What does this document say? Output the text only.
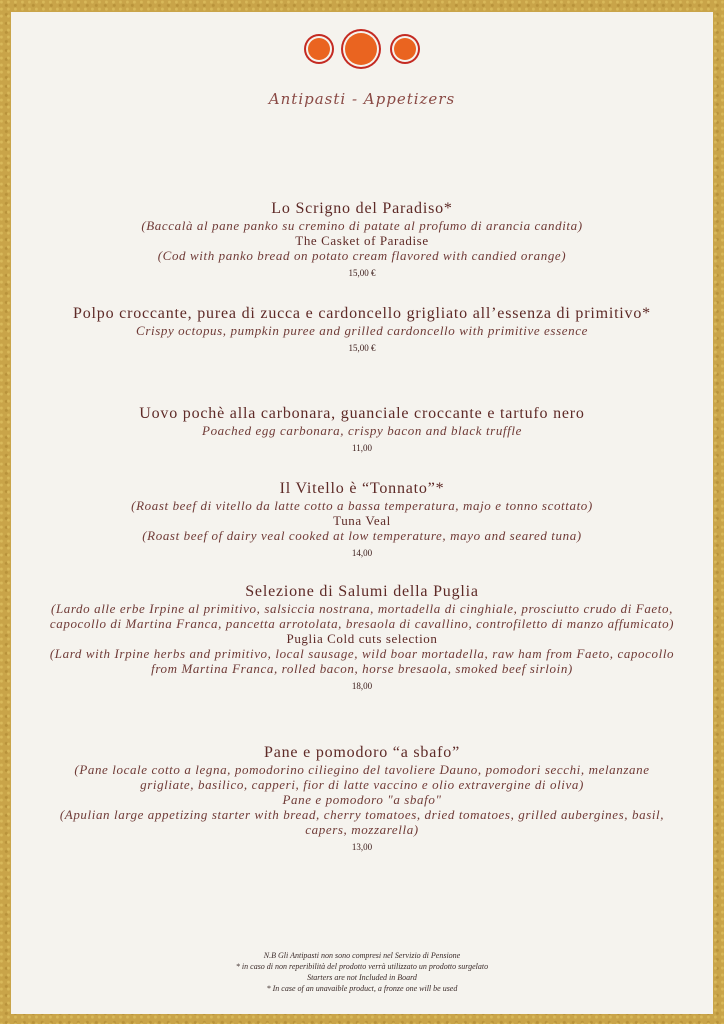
Antipasti - Appetizers
Lo Scrigno del Paradiso*
(Baccalà al pane panko su cremino di patate al profumo di arancia candita)
The Casket of Paradise
(Cod with panko bread on potato cream flavored with candied orange)
15,00 €
Polpo croccante, purea di zucca e cardoncello grigliato all’essenza di primitivo*
Crispy octopus, pumpkin puree and grilled cardoncello with primitive essence
15,00 €
Uovo pochè alla carbonara, guanciale croccante e tartufo nero
Poached egg carbonara, crispy bacon and black truffle
11,00
Il Vitello è “Tonnato”*
(Roast beef di vitello da latte cotto a bassa temperatura, majo e tonno scottato)
Tuna Veal
(Roast beef of dairy veal cooked at low temperature, mayo and seared tuna)
14,00
Selezione di Salumi della Puglia
(Lardo alle erbe Irpine al primitivo, salsiccia nostrana, mortadella di cinghiale, prosciutto crudo di Faeto, capocollo di Martina Franca, pancetta arrotolata, bresaola di cavallino, controfiletto di manzo affumicato)
Puglia Cold cuts selection
(Lard with Irpine herbs and primitivo, local sausage, wild boar mortadella, raw ham from Faeto, capocollo from Martina Franca, rolled bacon, horse bresaola, smoked beef sirloin)
18,00
Pane e pomodoro “a sbafo”
(Pane locale cotto a legna, pomodorino ciliegino del tavoliere Dauno, pomodori secchi, melanzane grigliate, basilico, capperi, fior di latte vaccino e olio extravergine di oliva)
Pane e pomodoro "a sbafo"
(Apulian large appetizing starter with bread, cherry tomatoes, dried tomatoes, grilled aubergines, basil, capers, mozzarella)
13,00
N.B Gli Antipasti non sono compresi nel Servizio di Pensione
* in caso di non reperibilità del prodotto verrà utilizzato un prodotto surgelato
Starters are not Included in Board
* In case of an unavaible product, a fronze one will be used
